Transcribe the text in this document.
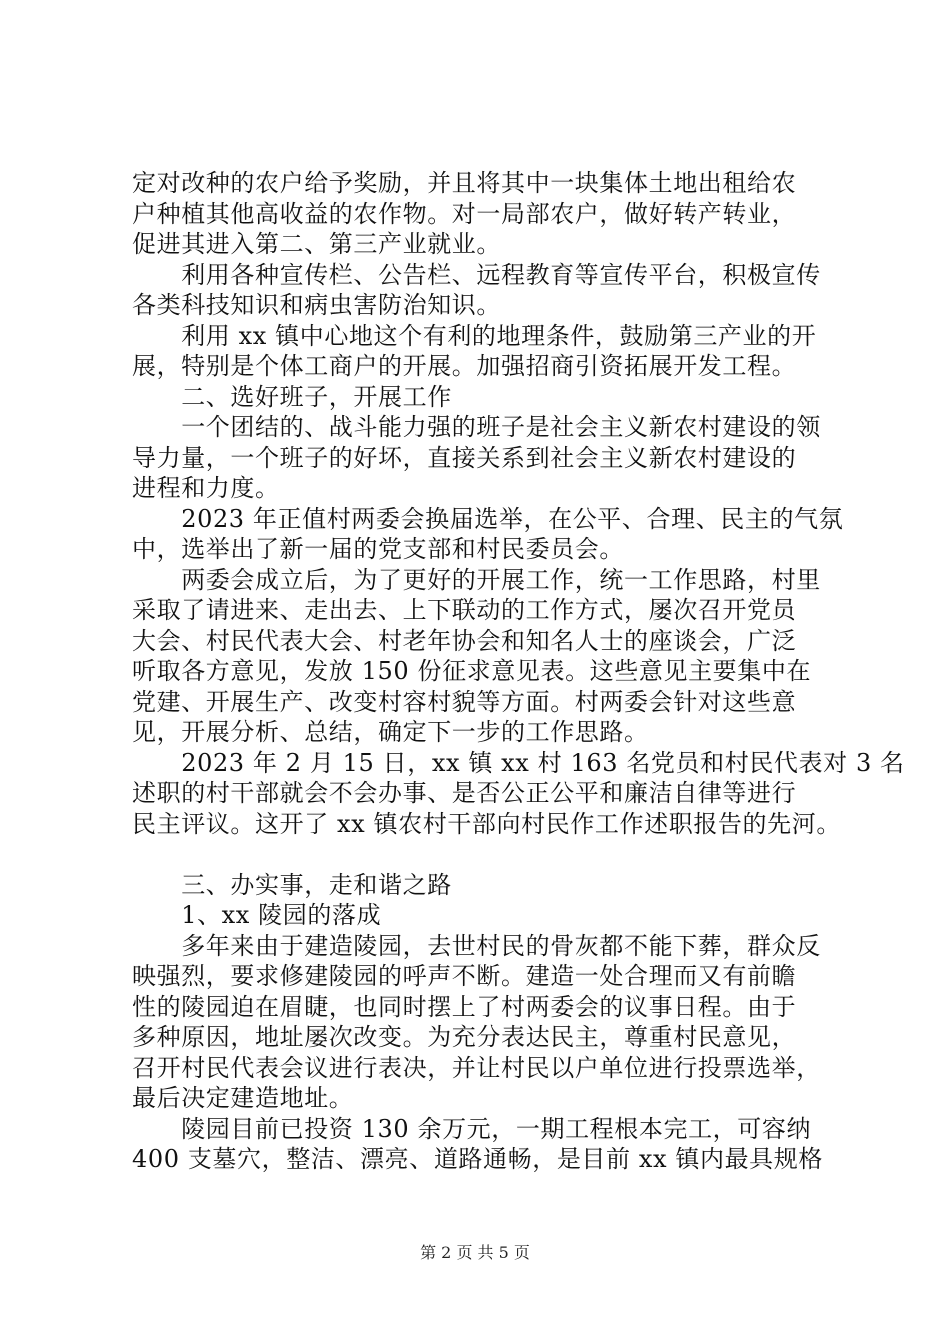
定对改种的农户给予奖励，并且将其中一块集体土地出租给农
户种植其他高收益的农作物。对一局部农户，做好转产转业，
促进其进入第二、第三产业就业。
　　利用各种宣传栏、公告栏、远程教育等宣传平台，积极宣传
各类科技知识和病虫害防治知识。
　　利用 xx 镇中心地这个有利的地理条件，鼓励第三产业的开
展，特别是个体工商户的开展。加强招商引资拓展开发工程。
　　二、选好班子，开展工作
　　一个团结的、战斗能力强的班子是社会主义新农村建设的领
导力量，一个班子的好坏，直接关系到社会主义新农村建设的
进程和力度。
　　2023 年正值村两委会换届选举，在公平、合理、民主的气氛
中，选举出了新一届的党支部和村民委员会。
　　两委会成立后，为了更好的开展工作，统一工作思路，村里
采取了请进来、走出去、上下联动的工作方式，屡次召开党员
大会、村民代表大会、村老年协会和知名人士的座谈会，广泛
听取各方意见，发放 150 份征求意见表。这些意见主要集中在
党建、开展生产、改变村容村貌等方面。村两委会针对这些意
见，开展分析、总结，确定下一步的工作思路。
　　2023 年 2 月 15 日，xx 镇 xx 村 163 名党员和村民代表对 3 名
述职的村干部就会不会办事、是否公正公平和廉洁自律等进行
民主评议。这开了 xx 镇农村干部向村民作工作述职报告的先河。
　　三、办实事，走和谐之路
　　1、xx 陵园的落成
　　多年来由于建造陵园，去世村民的骨灰都不能下葬，群众反
映强烈，要求修建陵园的呼声不断。建造一处合理而又有前瞻
性的陵园迫在眉睫，也同时摆上了村两委会的议事日程。由于
多种原因，地址屡次改变。为充分表达民主，尊重村民意见，
召开村民代表会议进行表决，并让村民以户单位进行投票选举，
最后决定建造地址。
　　陵园目前已投资 130 余万元，一期工程根本完工，可容纳
400 支墓穴，整洁、漂亮、道路通畅，是目前 xx 镇内最具规格
第 2 页 共 5 页
